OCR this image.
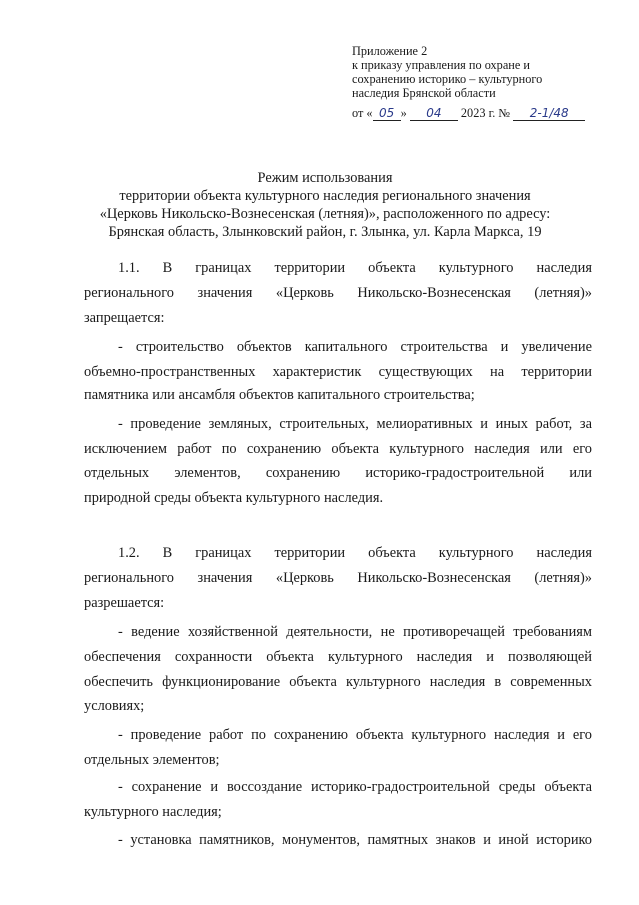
Приложение 2
к приказу управления по охране и
сохранению историко – культурного
наследия Брянской области
от « 05 » 04 2023 г. № 2-1/48
Режим использования
территории объекта культурного наследия регионального значения
«Церковь Никольско-Вознесенская (летняя)», расположенного по адресу:
Брянская область, Злынковский район, г. Злынка, ул. Карла Маркса, 19
1.1. В границах территории объекта культурного наследия
регионального значения «Церковь Никольско-Вознесенская (летняя)»
запрещается:
- строительство объектов капитального строительства и увеличение
объемно-пространственных характеристик существующих на территории
памятника или ансамбля объектов капитального строительства;
- проведение земляных, строительных, мелиоративных и иных работ, за
исключением работ по сохранению объекта культурного наследия или его
отдельных элементов, сохранению историко-градостроительной или
природной среды объекта культурного наследия.
1.2. В границах территории объекта культурного наследия
регионального значения «Церковь Никольско-Вознесенская (летняя)»
разрешается:
- ведение хозяйственной деятельности, не противоречащей требованиям
обеспечения сохранности объекта культурного наследия и позволяющей
обеспечить функционирование объекта культурного наследия в современных
условиях;
- проведение работ по сохранению объекта культурного наследия и его
отдельных элементов;
- сохранение и воссоздание историко-градостроительной среды объекта
культурного наследия;
- установка памятников, монументов, памятных знаков и иной историко
